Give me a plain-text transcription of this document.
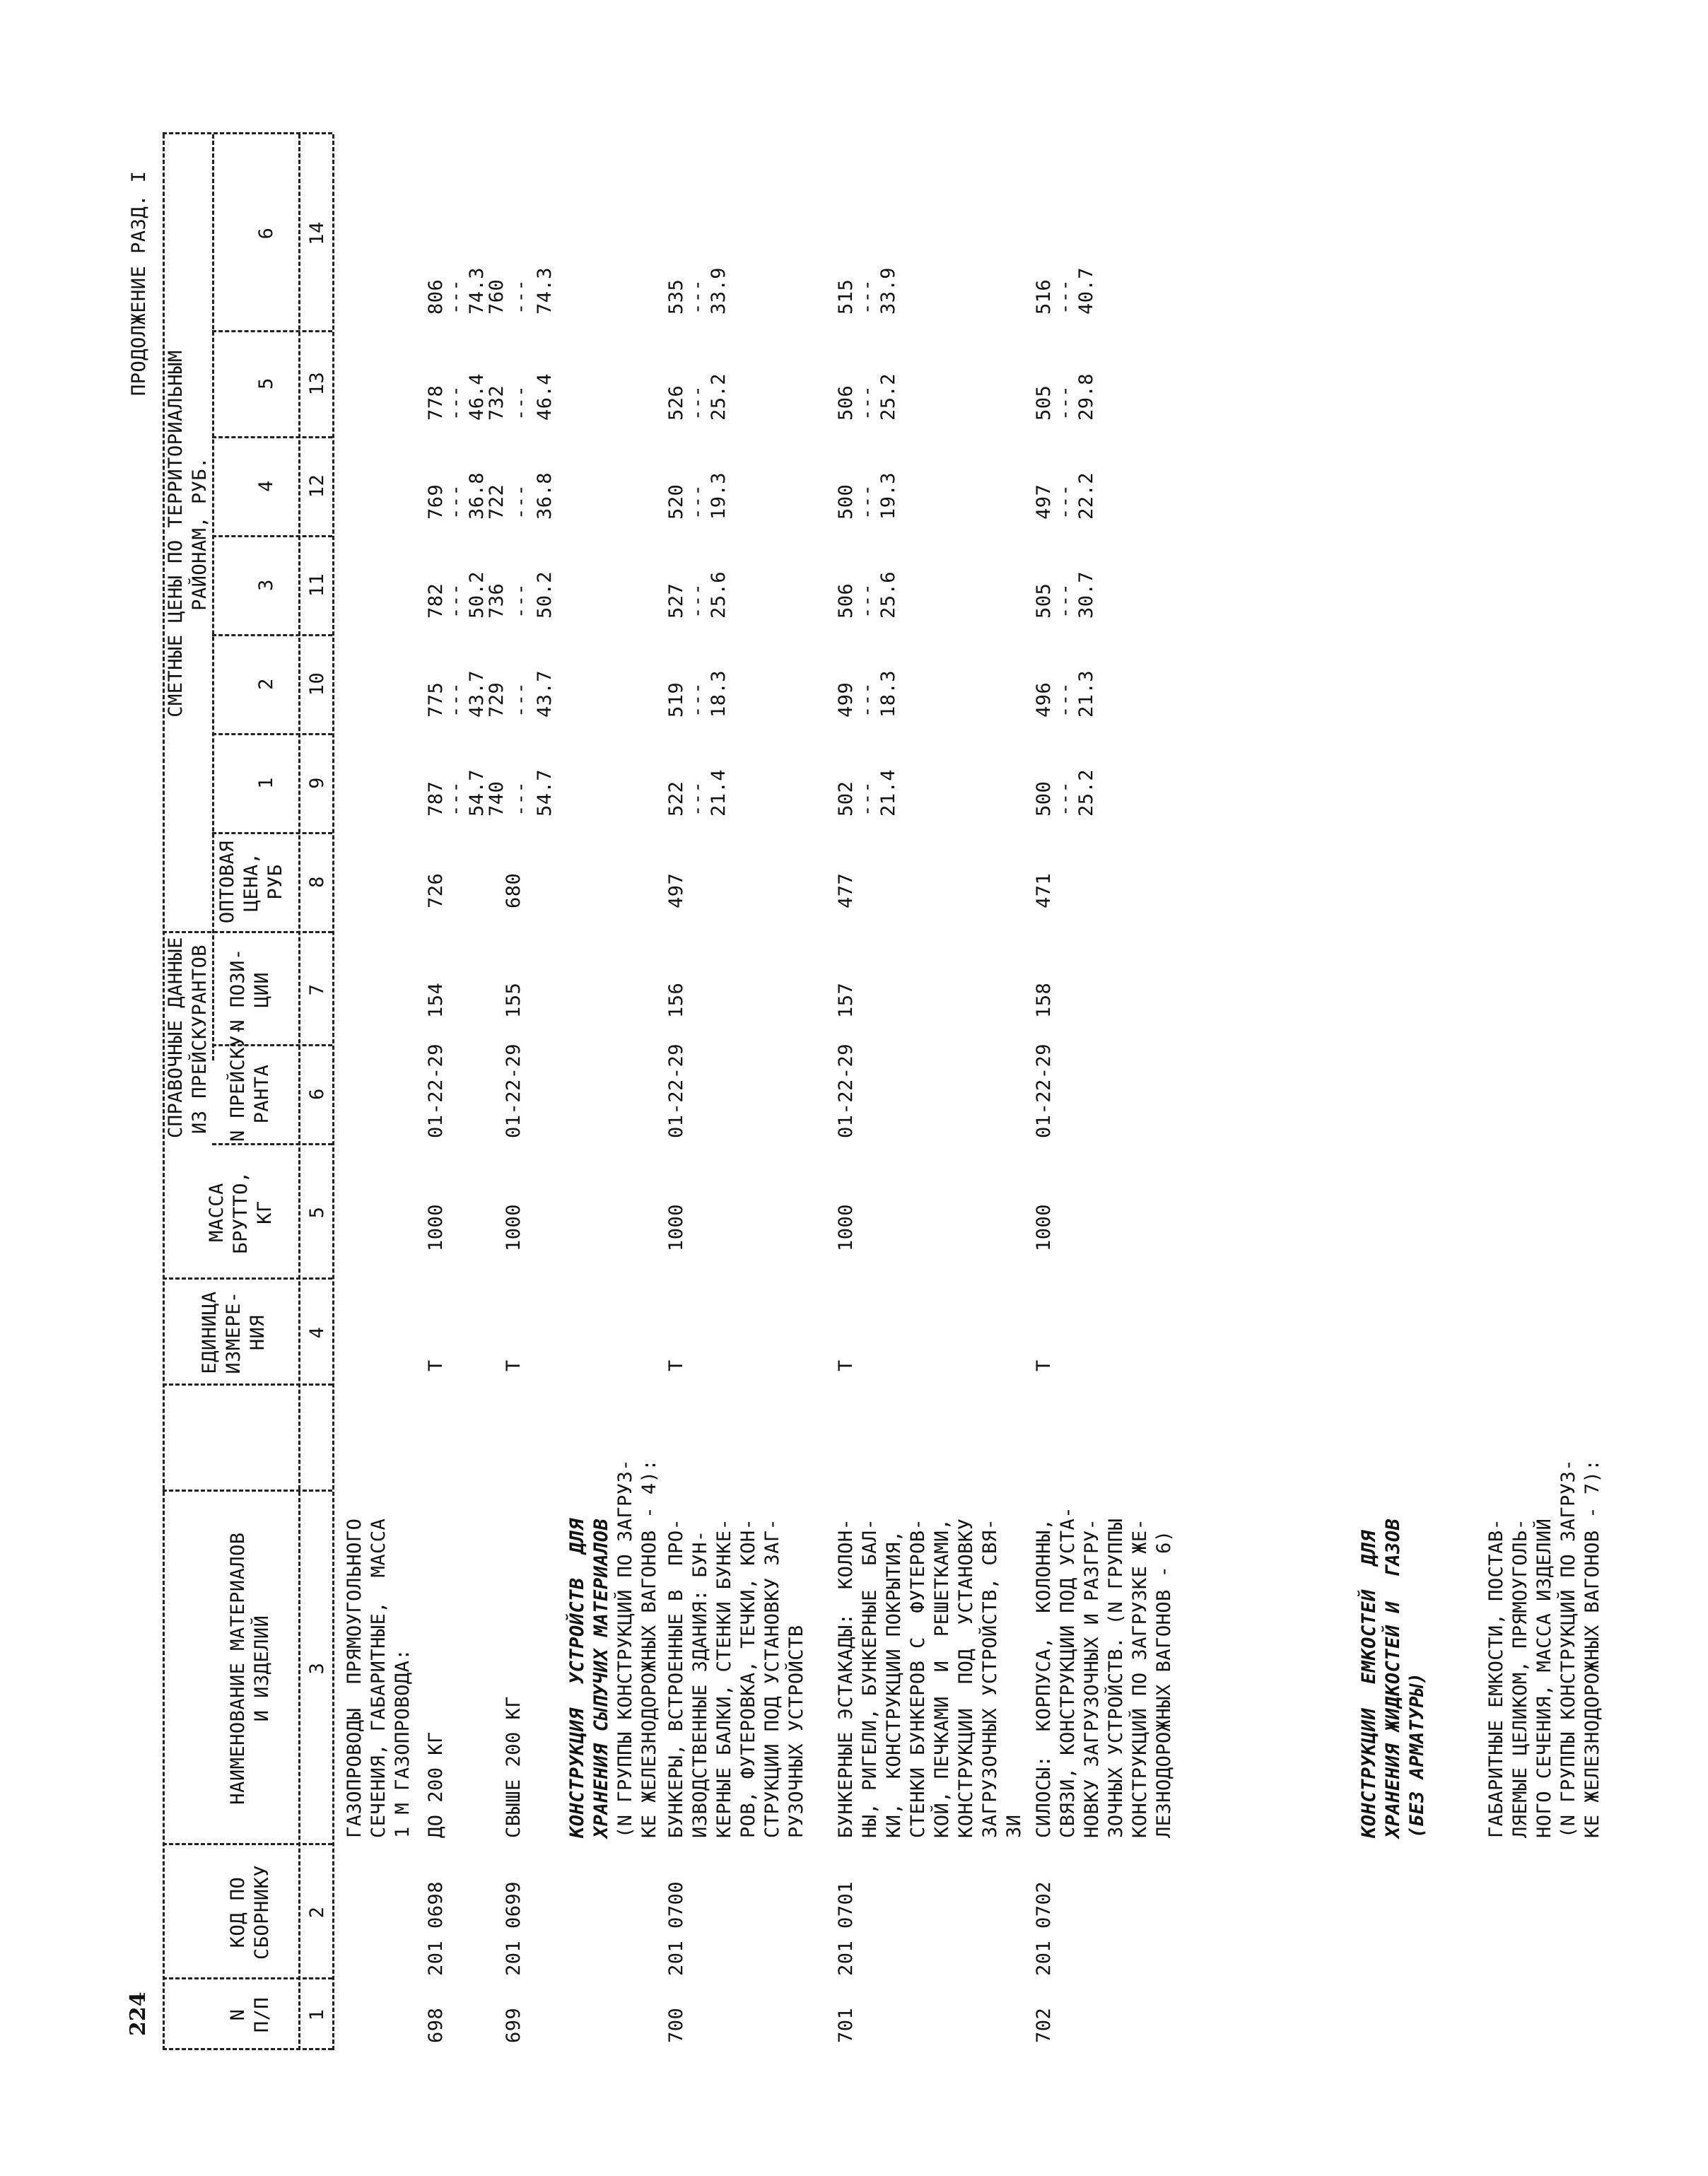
224
ПРОДОЛЖЕНИЕ РАЗД. I
N
П/П
КОД ПО
СБОРНИКУ
НАИМЕНОВАНИЕ МАТЕРИАЛОВ
И ИЗДЕЛИЙ
ЕДИНИЦА
ИЗМЕРЕ-
НИЯ
МАССА
БРУТТО,
КГ
СПРАВОЧНЫЕ ДАННЫЕ
ИЗ ПРЕЙСКУРАНТОВ
N ПРЕЙСКУ-
РАНТА
N ПОЗИ-
ЦИИ
СМЕТНЫЕ ЦЕНЫ ПО ТЕРРИТОРИАЛЬНЫМ
РАЙОНАМ, РУБ.
ОПТОВАЯ
ЦЕНА,
РУБ
1
2
3
4
5
6
1
2
3
4
5
6
7
8
9
10
11
12
13
14
ГАЗОПРОВОДЫ  ПРЯМОУГОЛЬНОГО
СЕЧЕНИЯ, ГАБАРИТНЫЕ,  МАССА
1 М ГАЗОПРОВОДА:
698
201 0698
ДО 200 КГ
Т
1000
01-22-29
154
726
787
--- 54.7
775
--- 43.7
782
--- 50.2
769
--- 36.8
778
--- 46.4
806
--- 74.3
699
201 0699
СВЫШЕ 200 КГ
Т
1000
01-22-29
155
680
740 --- 54.7
729 --- 43.7
736 --- 50.2
722 --- 36.8
732 --- 46.4
760 --- 74.3
КОНСТРУКЦИЯ  УСТРОЙСТВ  ДЛЯ
ХРАНЕНИЯ СЫПУЧИХ МАТЕРИАЛОВ
(N ГРУППЫ КОНСТРУКЦИЙ ПО ЗАГРУЗ-
КЕ ЖЕЛЕЗНОДОРОЖНЫХ ВАГОНОВ - 4):
700
201 0700
БУНКЕРЫ, ВСТРОЕННЫЕ В  ПРО-
ИЗВОДСТВЕННЫЕ ЗДАНИЯ: БУН-
КЕРНЫЕ БАЛКИ, СТЕНКИ БУНКЕ-
РОВ, ФУТЕРОВКА, ТЕЧКИ, КОН-
СТРУКЦИИ ПОД УСТАНОВКУ ЗАГ-
РУЗОЧНЫХ УСТРОЙСТВ
Т
1000
01-22-29
156
497
522 --- 21.4
519 --- 18.3
527 --- 25.6
520 --- 19.3
526 --- 25.2
535 --- 33.9
701
201 0701
БУНКЕРНЫЕ ЭСТАКАДЫ:  КОЛОН-
НЫ, РИГЕЛИ, БУНКЕРНЫЕ  БАЛ-
КИ,  КОНСТРУКЦИИ ПОКРЫТИЯ,
СТЕНКИ БУНКЕРОВ С  ФУТЕРОВ-
КОЙ, ПЕЧКАМИ  И  РЕШЕТКАМИ,
КОНСТРУКЦИИ  ПОД  УСТАНОВКУ
ЗАГРУЗОЧНЫХ УСТРОЙСТВ, СВЯ-
ЗИ
Т
1000
01-22-29
157
477
502 --- 21.4
499 --- 18.3
506 --- 25.6
500 --- 19.3
506 --- 25.2
515 --- 33.9
702
201 0702
СИЛОСЫ:  КОРПУСА,  КОЛОННЫ,
СВЯЗИ, КОНСТРУКЦИИ ПОД УСТА-
НОВКУ ЗАГРУЗОЧНЫХ И РАЗГРУ-
ЗОЧНЫХ УСТРОЙСТВ. (N ГРУППЫ
КОНСТРУКЦИЙ ПО ЗАГРУЗКЕ ЖЕ-
ЛЕЗНОДОРОЖНЫХ ВАГОНОВ - 6)
Т
1000
01-22-29
158
471
500 --- 25.2
496 --- 21.3
505 --- 30.7
497 --- 22.2
505 --- 29.8
516 --- 40.7
КОНСТРУКЦИИ  ЕМКОСТЕЙ  ДЛЯ
ХРАНЕНИЯ ЖИДКОСТЕЙ И  ГАЗОВ
(БЕЗ АРМАТУРЫ)	ГАБАРИТНЫЕ ЕМКОСТИ, ПОСТАВ-
ЛЯЕМЫЕ ЦЕЛИКОМ, ПРЯМОУГОЛЬ-
НОГО СЕЧЕНИЯ, МАССА ИЗДЕЛИЙ
(N ГРУППЫ КОНСТРУКЦИЙ ПО ЗАГРУЗ-
КЕ ЖЕЛЕЗНОДОРОЖНЫХ ВАГОНОВ - 7):
